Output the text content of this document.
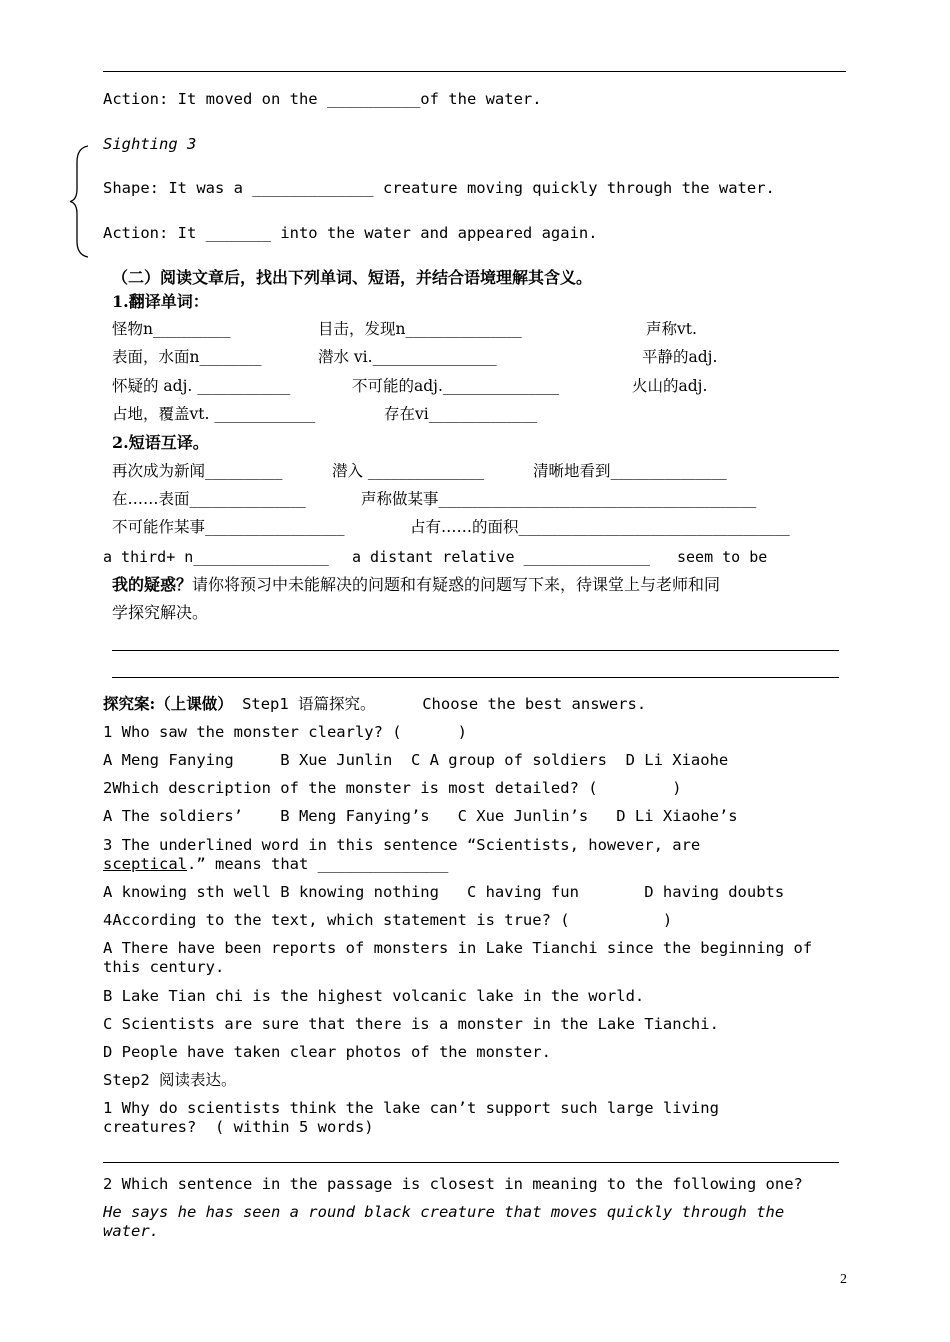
Action: It moved on the __________of the water.
Sighting 3
Shape: It was a _____________ creature moving quickly through the water.
Action: It _______ into the water and appeared again.
（二）阅读文章后，找出下列单词、短语，并结合语境理解其含义。
1.翻译单词：
怪物n__________	目击，发现n_______________	声称vt.
表面，水面n________	潜水 vi.________________	平静的adj.
怀疑的 adj. ____________	不可能的adj._______________	火山的adj.
占地，覆盖vt. _____________	存在vi______________
2.短语互译。
再次成为新闻__________	潜入 _______________	清晰地看到_______________
在……表面_______________	声称做某事_________________________________________
不可能作某事__________________	占有……的面积___________________________________
a third+ n_______________ a distant relative ______________ seem to be
我的疑惑？请你将预习中未能解决的问题和有疑惑的问题写下来，待课堂上与老师和同
学探究解决。
探究案:（上课做） Step1 语篇探究。     Choose the best answers.
1 Who saw the monster clearly? (      )
A Meng Fanying     B Xue Junlin  C A group of soldiers  D Li Xiaohe
2Which description of the monster is most detailed? (        )
A The soldiers’    B Meng Fanying’s   C Xue Junlin’s   D Li Xiaohe’s
3 The underlined word in this sentence “Scientists, however, are
sceptical.” means that ______________
A knowing sth well B knowing nothing   C having fun       D having doubts
4According to the text, which statement is true? (          )
A There have been reports of monsters in Lake Tianchi since the beginning of
this century.
B Lake Tian chi is the highest volcanic lake in the world.
C Scientists are sure that there is a monster in the Lake Tianchi.
D People have taken clear photos of the monster.
Step2 阅读表达。
1 Why do scientists think the lake can’t support such large living
creatures?  ( within 5 words)
2 Which sentence in the passage is closest in meaning to the following one?
He says he has seen a round black creature that moves quickly through the
water.
2
